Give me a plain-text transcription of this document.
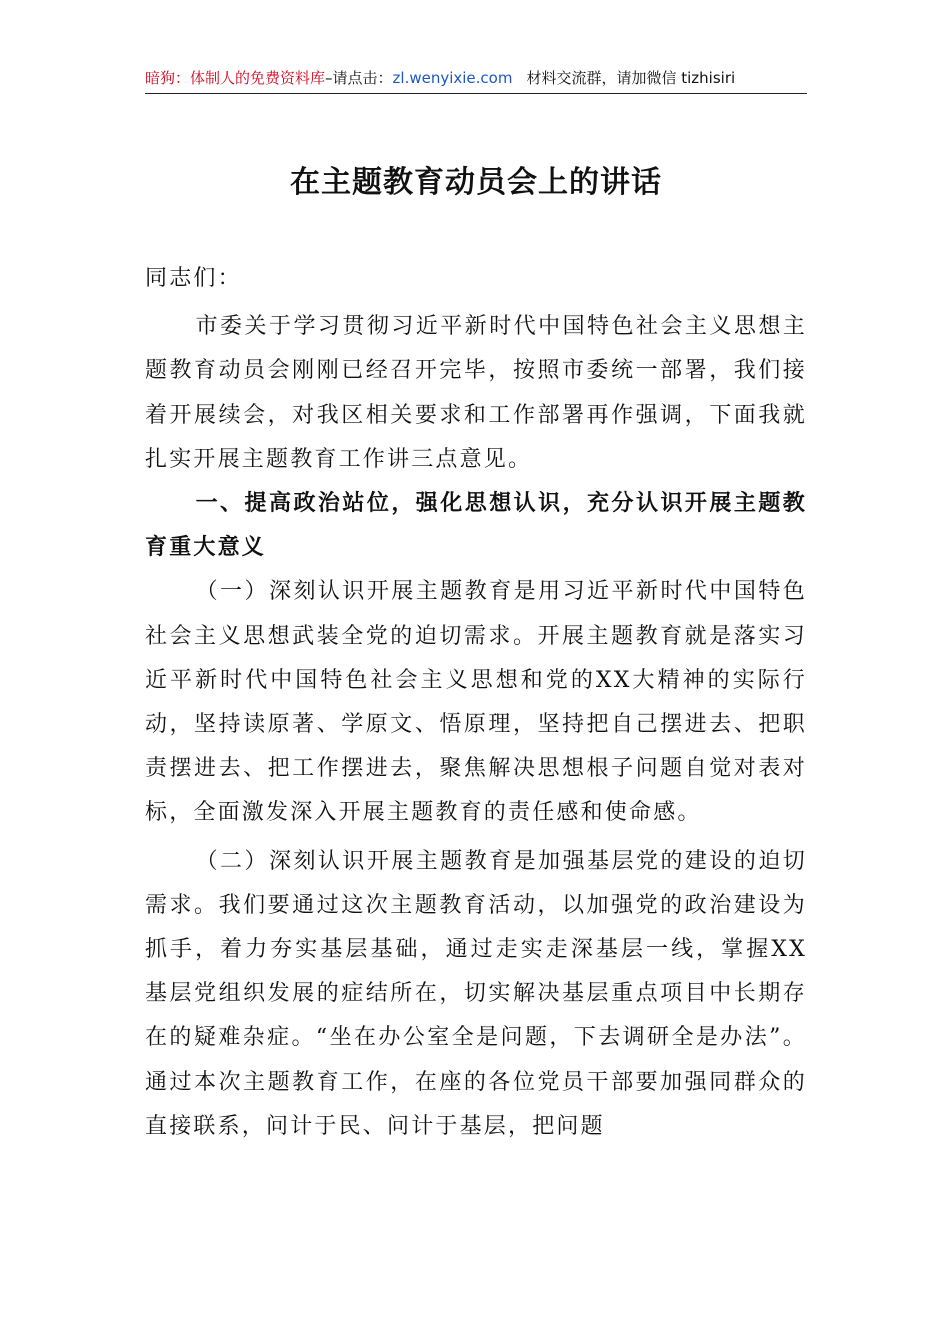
暗狗：体制人的免费资料库–请点击：zl.wenyixie.com 材料交流群，请加微信 tizhisiri
在主题教育动员会上的讲话

同志们：

市委关于学习贯彻习近平新时代中国特色社会主义思想主题教育动员会刚刚已经召开完毕，按照市委统一部署，我们接着开展续会，对我区相关要求和工作部署再作强调，下面我就扎实开展主题教育工作讲三点意见。

一、提高政治站位，强化思想认识，充分认识开展主题教育重大意义

（一）深刻认识开展主题教育是用习近平新时代中国特色社会主义思想武装全党的迫切需求。开展主题教育就是落实习近平新时代中国特色社会主义思想和党的XX大精神的实际行动，坚持读原著、学原文、悟原理，坚持把自己摆进去、把职责摆进去、把工作摆进去，聚焦解决思想根子问题自觉对表对标，全面激发深入开展主题教育的责任感和使命感。

（二）深刻认识开展主题教育是加强基层党的建设的迫切需求。我们要通过这次主题教育活动，以加强党的政治建设为抓手，着力夯实基层基础，通过走实走深基层一线，掌握XX基层党组织发展的症结所在，切实解决基层重点项目中长期存在的疑难杂症。“坐在办公室全是问题，下去调研全是办法”。通过本次主题教育工作，在座的各位党员干部要加强同群众的直接联系，问计于民、问计于基层，把问题
